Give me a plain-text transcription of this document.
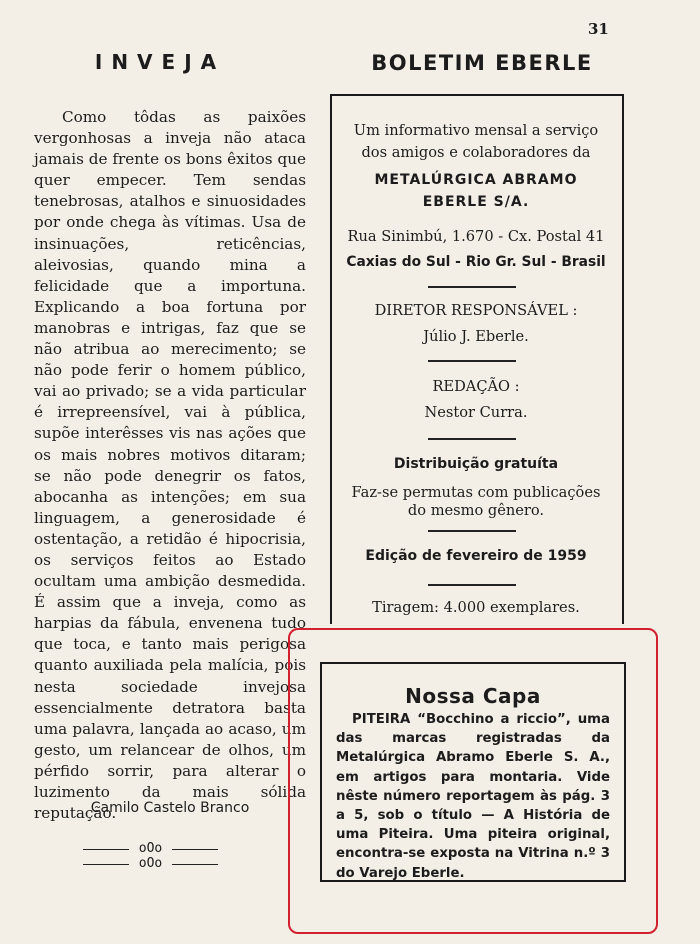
31
INVEJA

Como tôdas as paixões vergonhosas a inveja não ataca jamais de frente os bons êxitos que quer empecer. Tem sendas tenebrosas, atalhos e sinuosidades por onde chega às vítimas. Usa de insinuações, reticências, aleivosias, quando mina a felicidade que a importuna. Explicando a boa fortuna por manobras e intrigas, faz que se não atribua ao merecimento; se não pode ferir o homem público, vai ao privado; se a vida particular é irrepreensível, vai à pública, supõe interêsses vis nas ações que os mais nobres motivos ditaram; se não pode denegrir os fatos, abocanha as intenções; em sua linguagem, a generosidade é ostentação, a retidão é hipocrisia, os serviços feitos ao Estado ocultam uma ambição desmedida. É assim que a inveja, como as harpias da fábula, envenena tudo que toca, e tanto mais perigosa quanto auxiliada pela malícia, pois nesta sociedade invejosa essencialmente detratora basta uma palavra, lançada ao acaso, um gesto, um relancear de olhos, um pérfido sorrir, para alterar o luzimento da mais sólida reputação.

Camilo Castelo Branco
oOo
oOo
BOLETIM EBERLE
Um informativo mensal a serviço
dos amigos e colaboradores da
METALÚRGICA ABRAMO
EBERLE S/A.
Rua Sinimbú, 1.670 - Cx. Postal 41
Caxias do Sul - Rio Gr. Sul - Brasil
DIRETOR RESPONSÁVEL :
Júlio J. Eberle.
REDAÇÃO :
Nestor Curra.
Distribuição gratuíta
Faz-se permutas com publicações
do mesmo gênero.
Edição de fevereiro de 1959
Tiragem: 4.000 exemplares.
Nossa Capa

PITEIRA “Bocchino a riccio”, uma das marcas registradas da Metalúrgica Abramo Eberle S. A., em artigos para montaria. Vide nêste número reportagem às pág. 3 a 5, sob o título — A História de uma Piteira. Uma piteira original, encontra-se exposta na Vitrina n.º 3 do Varejo Eberle.
